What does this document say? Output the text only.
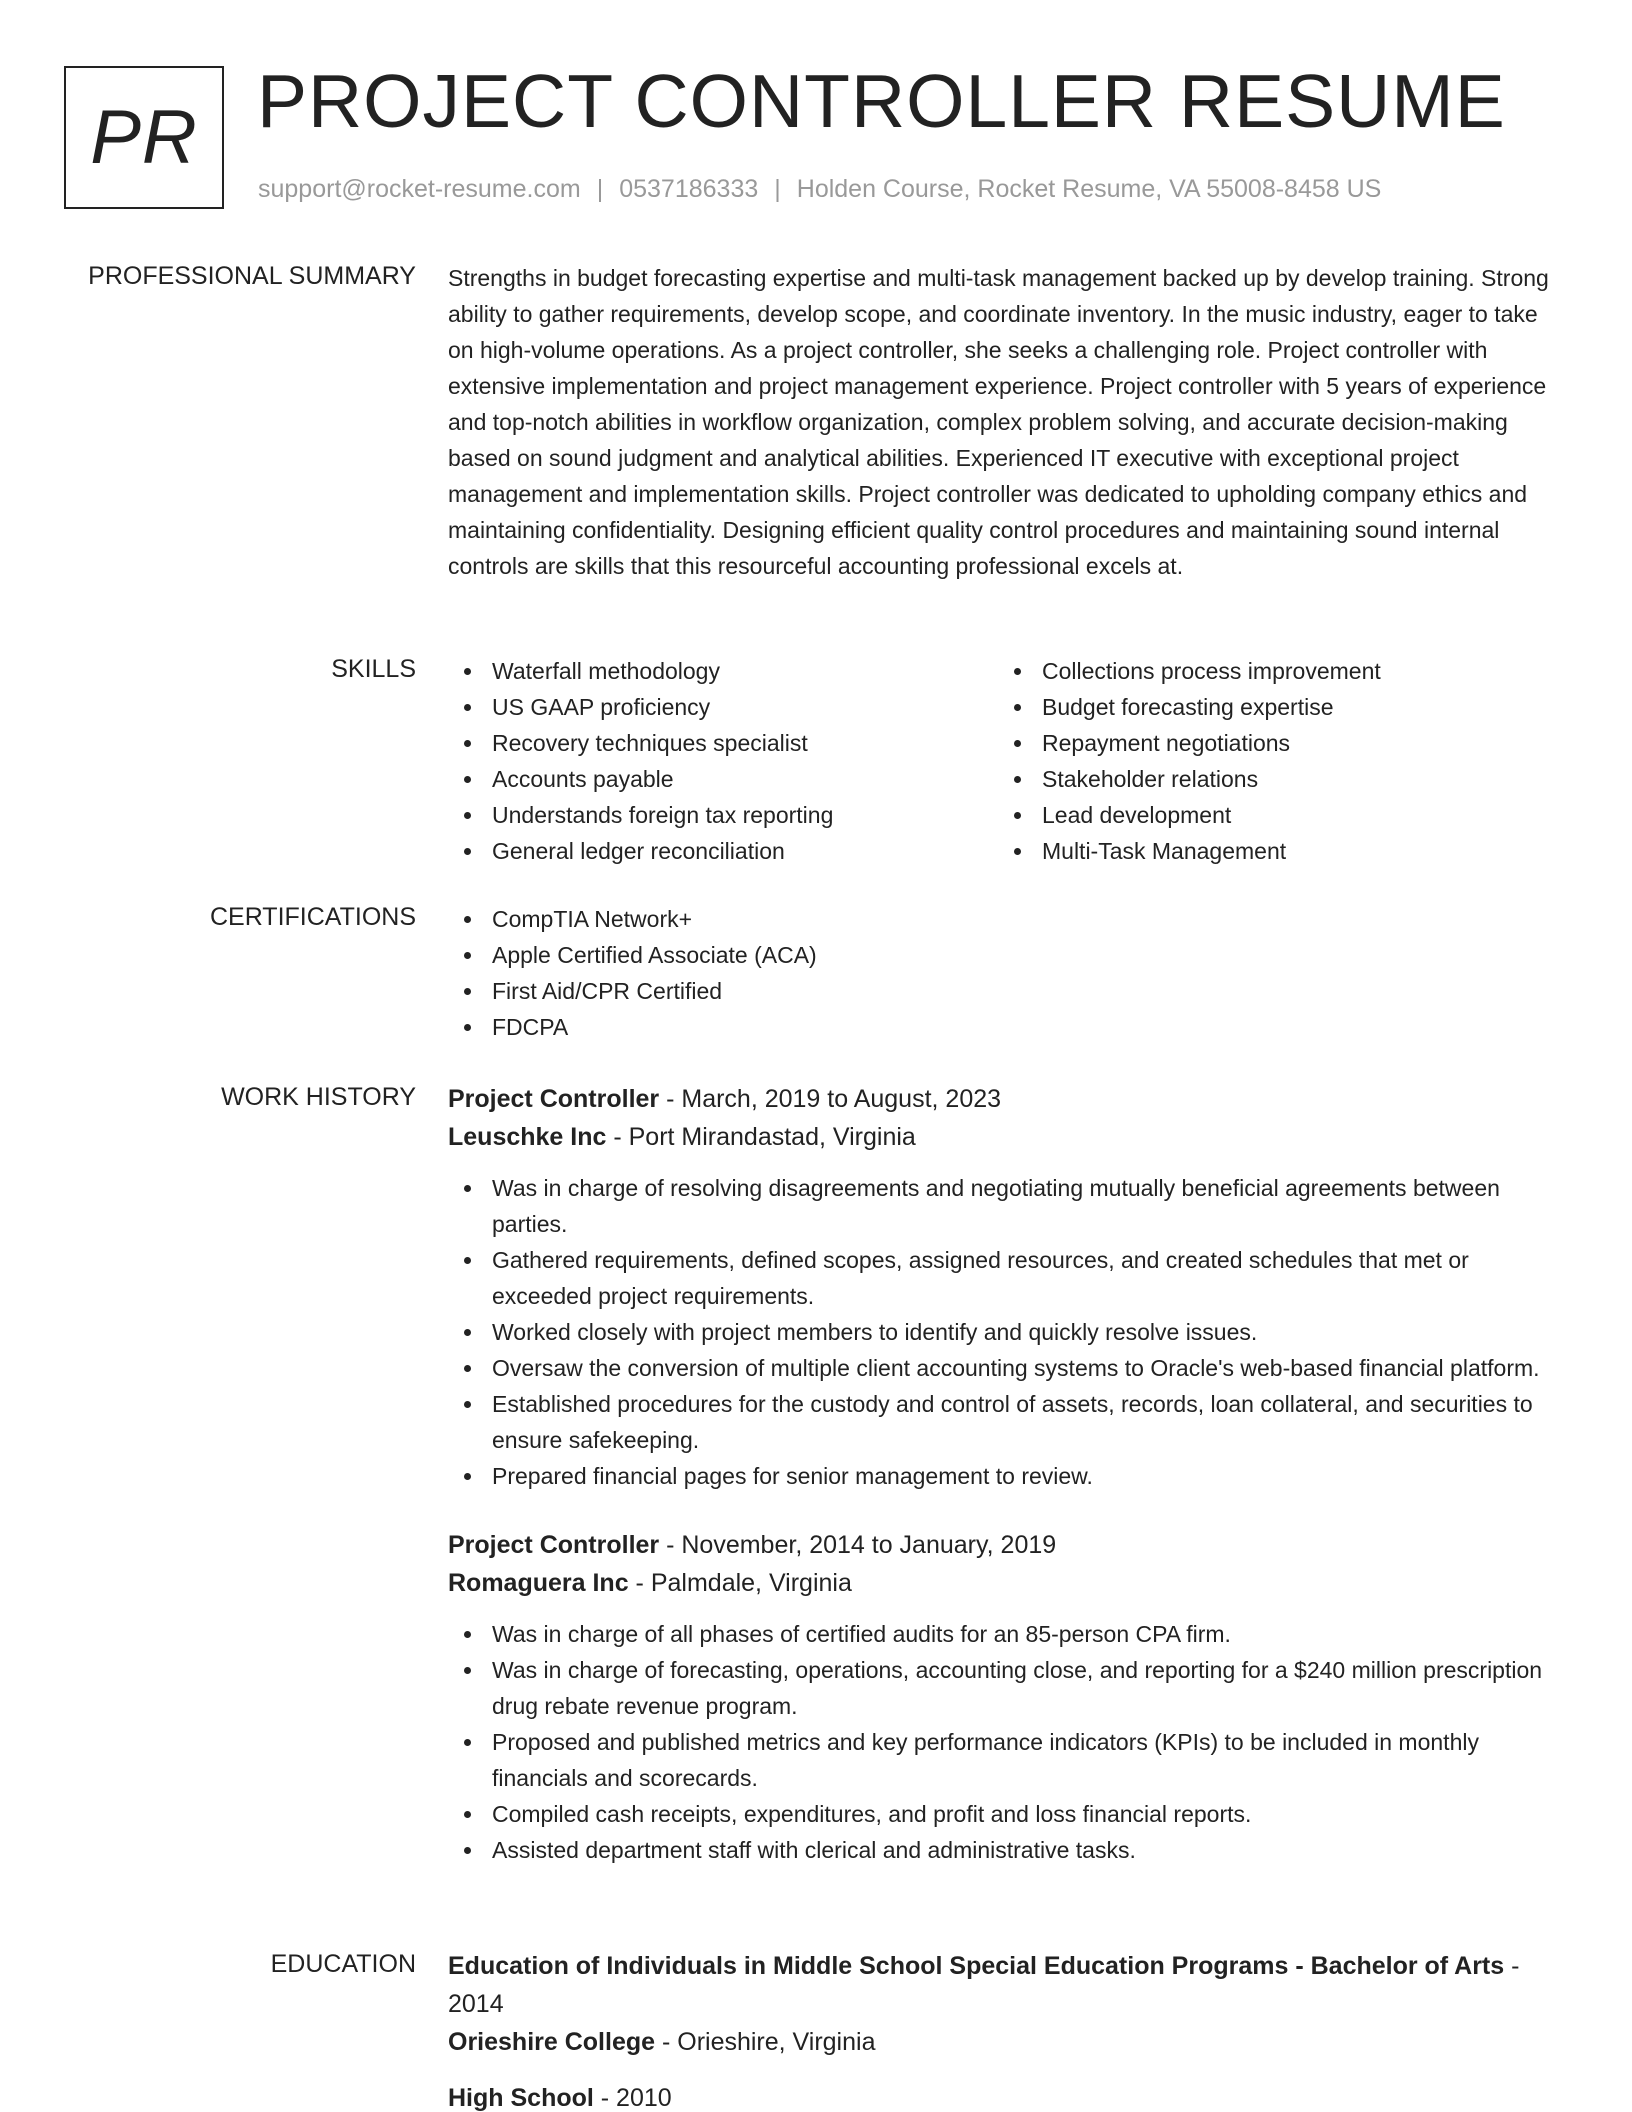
PR PROJECT CONTROLLER RESUME
support@rocket-resume.com | 0537186333 | Holden Course, Rocket Resume, VA 55008-8458 US
PROFESSIONAL SUMMARY Strengths in budget forecasting expertise and multi-task management backed up by develop training. Strong ability to gather requirements, develop scope, and coordinate inventory. In the music industry, eager to take on high-volume operations. As a project controller, she seeks a challenging role. Project controller with extensive implementation and project management experience. Project controller with 5 years of experience and top-notch abilities in workflow organization, complex problem solving, and accurate decision-making based on sound judgment and analytical abilities. Experienced IT executive with exceptional project management and implementation skills. Project controller was dedicated to upholding company ethics and maintaining confidentiality. Designing efficient quality control procedures and maintaining sound internal controls are skills that this resourceful accounting professional excels at.

SKILLS	Waterfall methodology
US GAAP proficiency
Recovery techniques specialist
Accounts payable
Understands foreign tax reporting
General ledger reconciliation
Collections process improvement
Budget forecasting expertise
Repayment negotiations
Stakeholder relations
Lead development
Multi-Task Management
CERTIFICATIONS	CompTIA Network+
Apple Certified Associate (ACA)
First Aid/CPR Certified
FDCPA
WORK HISTORY Project Controller - March, 2019 to August, 2023
Leuschke Inc - Port Mirandastad, Virginia
Was in charge of resolving disagreements and negotiating mutually beneficial agreements between parties.
Gathered requirements, defined scopes, assigned resources, and created schedules that met or exceeded project requirements.
Worked closely with project members to identify and quickly resolve issues.
Oversaw the conversion of multiple client accounting systems to Oracle's web-based financial platform.
Established procedures for the custody and control of assets, records, loan collateral, and securities to ensure safekeeping.
Prepared financial pages for senior management to review.
Project Controller - November, 2014 to January, 2019
Romaguera Inc - Palmdale, Virginia
Was in charge of all phases of certified audits for an 85-person CPA firm.
Was in charge of forecasting, operations, accounting close, and reporting for a $240 million prescription drug rebate revenue program.
Proposed and published metrics and key performance indicators (KPIs) to be included in monthly financials and scorecards.
Compiled cash receipts, expenditures, and profit and loss financial reports.
Assisted department staff with clerical and administrative tasks.
EDUCATION Education of Individuals in Middle School Special Education Programs - Bachelor of Arts - 2014
Orieshire College - Orieshire, Virginia
High School - 2010
